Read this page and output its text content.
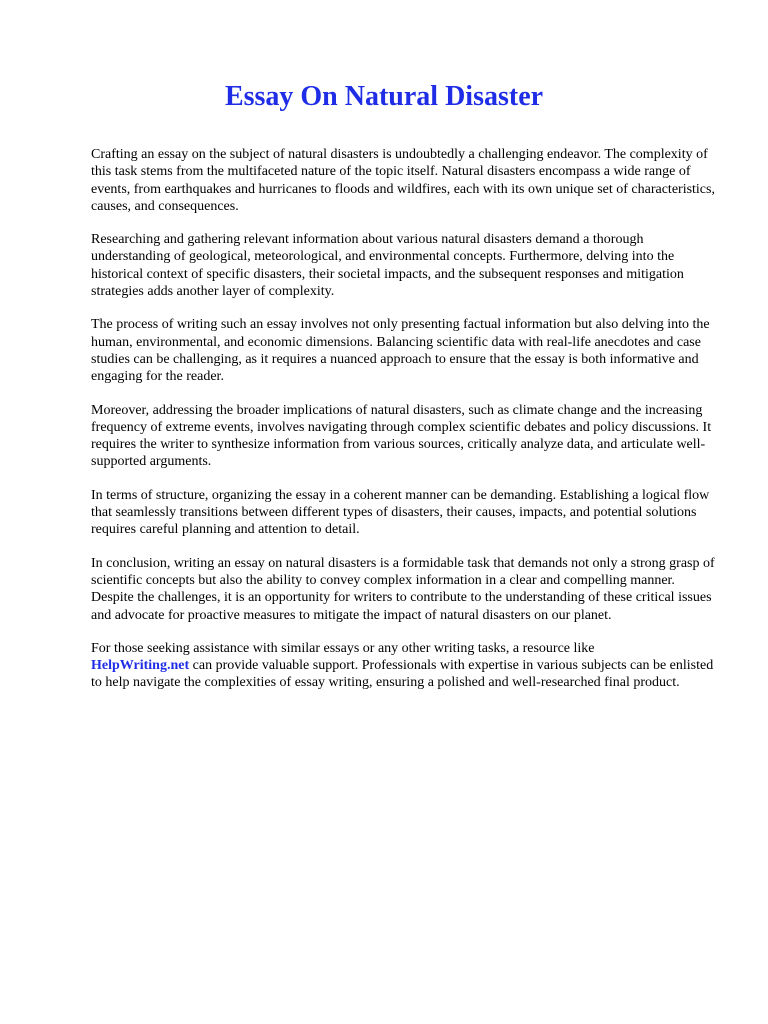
Essay On Natural Disaster

Crafting an essay on the subject of natural disasters is undoubtedly a challenging endeavor. The complexity of this task stems from the multifaceted nature of the topic itself. Natural disasters encompass a wide range of events, from earthquakes and hurricanes to floods and wildfires, each with its own unique set of characteristics, causes, and consequences.

Researching and gathering relevant information about various natural disasters demand a thorough understanding of geological, meteorological, and environmental concepts. Furthermore, delving into the historical context of specific disasters, their societal impacts, and the subsequent responses and mitigation strategies adds another layer of complexity.

The process of writing such an essay involves not only presenting factual information but also delving into the human, environmental, and economic dimensions. Balancing scientific data with real-life anecdotes and case studies can be challenging, as it requires a nuanced approach to ensure that the essay is both informative and engaging for the reader.

Moreover, addressing the broader implications of natural disasters, such as climate change and the increasing frequency of extreme events, involves navigating through complex scientific debates and policy discussions. It requires the writer to synthesize information from various sources, critically analyze data, and articulate well-supported arguments.

In terms of structure, organizing the essay in a coherent manner can be demanding. Establishing a logical flow that seamlessly transitions between different types of disasters, their causes, impacts, and potential solutions requires careful planning and attention to detail.

In conclusion, writing an essay on natural disasters is a formidable task that demands not only a strong grasp of scientific concepts but also the ability to convey complex information in a clear and compelling manner. Despite the challenges, it is an opportunity for writers to contribute to the understanding of these critical issues and advocate for proactive measures to mitigate the impact of natural disasters on our planet.

For those seeking assistance with similar essays or any other writing tasks, a resource like
HelpWriting.net can provide valuable support. Professionals with expertise in various subjects can be enlisted to help navigate the complexities of essay writing, ensuring a polished and well-researched final product.
